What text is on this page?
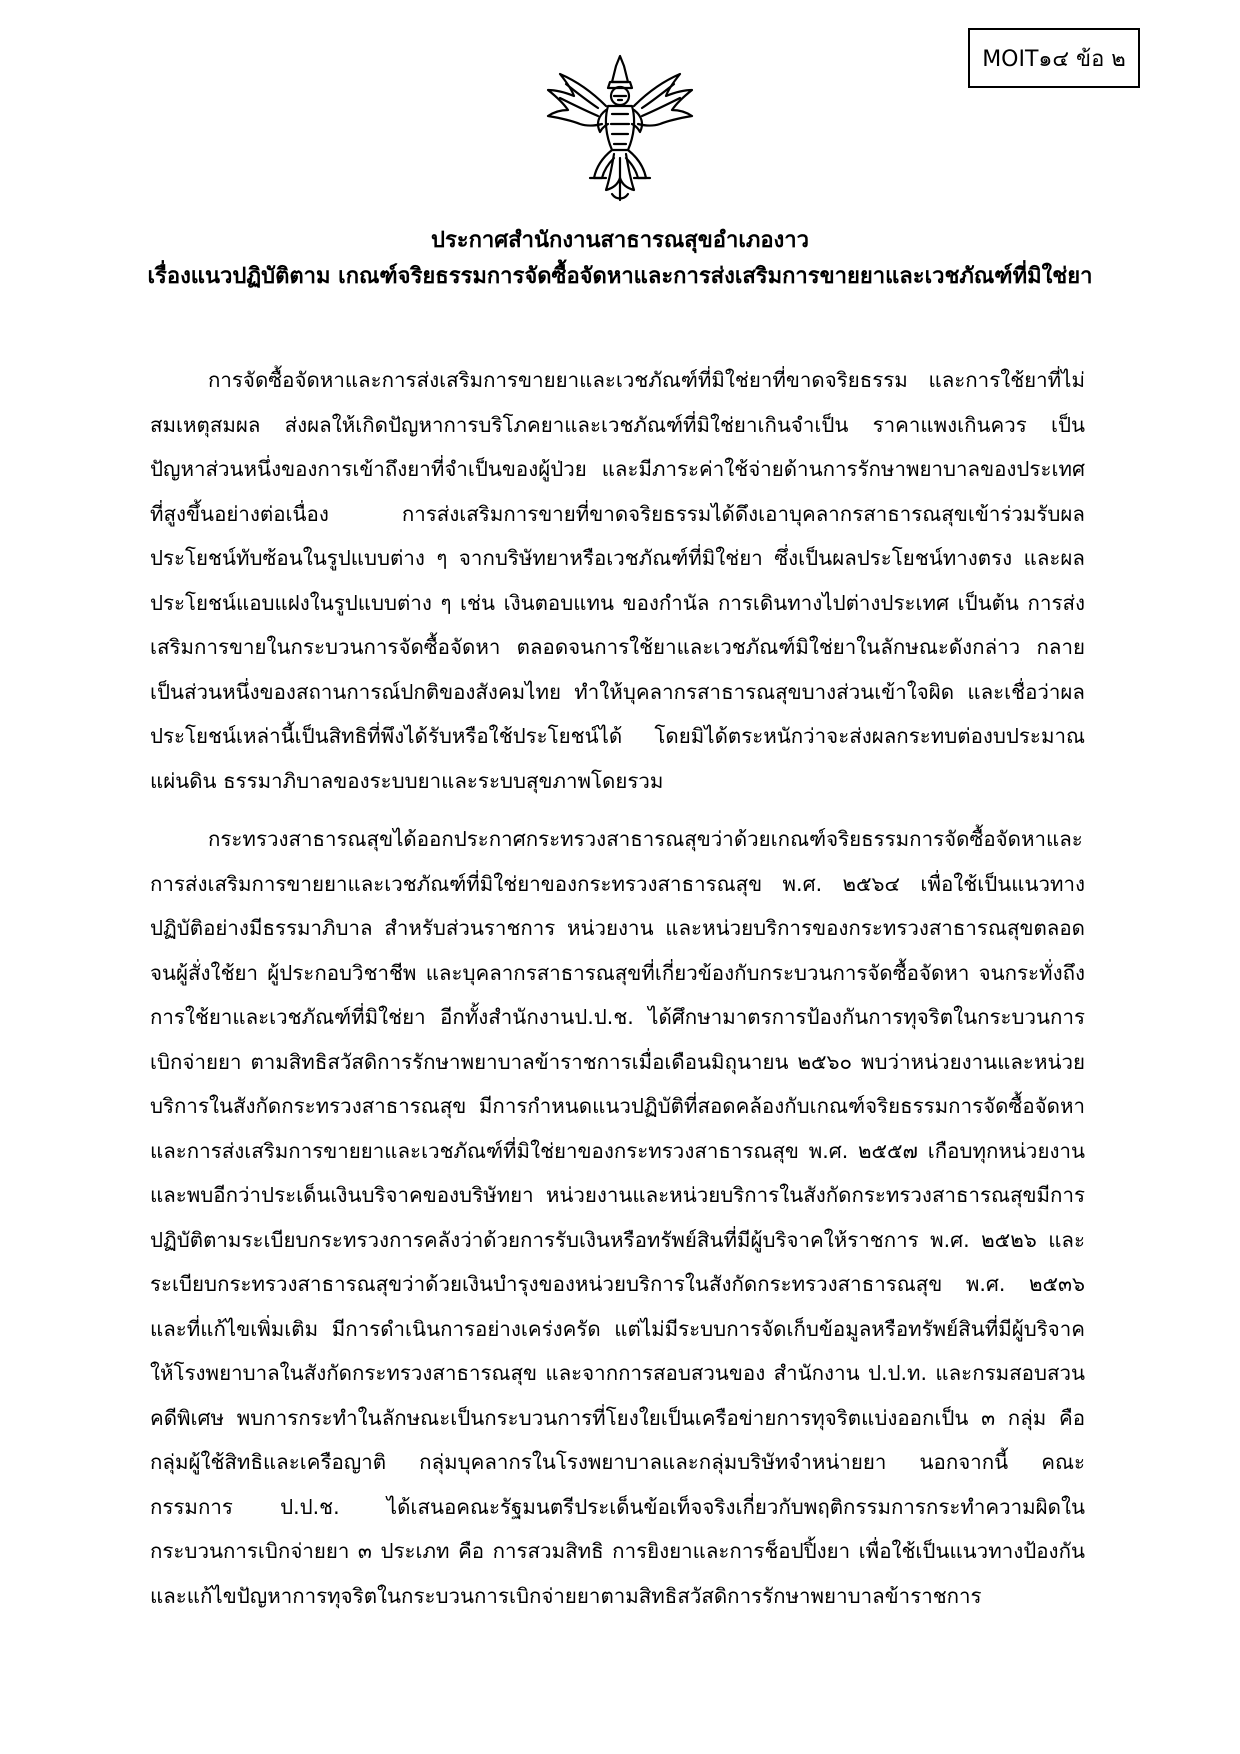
MOIT๑๔ ข้อ ๒
ประกาศสำนักงานสาธารณสุขอำเภองาว
เรื่องแนวปฏิบัติตาม เกณฑ์จริยธรรมการจัดซื้อจัดหาและการส่งเสริมการขายยาและเวชภัณฑ์ที่มิใช่ยา

การจัดซื้อจัดหาและการส่งเสริมการขายยาและเวชภัณฑ์ที่มิใช่ยาที่ขาดจริยธรรม และการใช้ยาที่ไม่สมเหตุสมผล ส่งผลให้เกิดปัญหาการบริโภคยาและเวชภัณฑ์ที่มิใช่ยาเกินจำเป็น ราคาแพงเกินควร เป็นปัญหาส่วนหนึ่งของการเข้าถึงยาที่จำเป็นของผู้ป่วย และมีภาระค่าใช้จ่ายด้านการรักษาพยาบาลของประเทศที่สูงขึ้นอย่างต่อเนื่อง การส่งเสริมการขายที่ขาดจริยธรรมได้ดึงเอาบุคลากรสาธารณสุขเข้าร่วมรับผลประโยชน์ทับซ้อนในรูปแบบต่าง ๆ จากบริษัทยาหรือเวชภัณฑ์ที่มิใช่ยา ซึ่งเป็นผลประโยชน์ทางตรง และผลประโยชน์แอบแฝงในรูปแบบต่าง ๆ เช่น เงินตอบแทน ของกำนัล การเดินทางไปต่างประเทศ เป็นต้น การส่งเสริมการขายในกระบวนการจัดซื้อจัดหา ตลอดจนการใช้ยาและเวชภัณฑ์มิใช่ยาในลักษณะดังกล่าว กลายเป็นส่วนหนึ่งของสถานการณ์ปกติของสังคมไทย ทำให้บุคลากรสาธารณสุขบางส่วนเข้าใจผิด และเชื่อว่าผลประโยชน์เหล่านี้เป็นสิทธิที่พึงได้รับหรือใช้ประโยชน์ได้ โดยมิได้ตระหนักว่าจะส่งผลกระทบต่องบประมาณแผ่นดิน ธรรมาภิบาลของระบบยาและระบบสุขภาพโดยรวม

กระทรวงสาธารณสุขได้ออกประกาศกระทรวงสาธารณสุขว่าด้วยเกณฑ์จริยธรรมการจัดซื้อจัดหาและการส่งเสริมการขายยาและเวชภัณฑ์ที่มิใช่ยาของกระทรวงสาธารณสุข พ.ศ. ๒๕๖๔ เพื่อใช้เป็นแนวทางปฏิบัติอย่างมีธรรมาภิบาล สำหรับส่วนราชการ หน่วยงาน และหน่วยบริการของกระทรวงสาธารณสุขตลอดจนผู้สั่งใช้ยา ผู้ประกอบวิชาชีพ และบุคลากรสาธารณสุขที่เกี่ยวข้องกับกระบวนการจัดซื้อจัดหา จนกระทั่งถึงการใช้ยาและเวชภัณฑ์ที่มิใช่ยา อีกทั้งสำนักงานป.ป.ช. ได้ศึกษามาตรการป้องกันการทุจริตในกระบวนการเบิกจ่ายยา ตามสิทธิสวัสดิการรักษาพยาบาลข้าราชการเมื่อเดือนมิถุนายน ๒๕๖๐ พบว่าหน่วยงานและหน่วยบริการในสังกัดกระทรวงสาธารณสุข มีการกำหนดแนวปฏิบัติที่สอดคล้องกับเกณฑ์จริยธรรมการจัดซื้อจัดหาและการส่งเสริมการขายยาและเวชภัณฑ์ที่มิใช่ยาของกระทรวงสาธารณสุข พ.ศ. ๒๕๕๗ เกือบทุกหน่วยงาน และพบอีกว่าประเด็นเงินบริจาคของบริษัทยา หน่วยงานและหน่วยบริการในสังกัดกระทรวงสาธารณสุขมีการปฏิบัติตามระเบียบกระทรวงการคลังว่าด้วยการรับเงินหรือทรัพย์สินที่มีผู้บริจาคให้ราชการ พ.ศ. ๒๕๒๖ และระเบียบกระทรวงสาธารณสุขว่าด้วยเงินบำรุงของหน่วยบริการในสังกัดกระทรวงสาธารณสุข พ.ศ. ๒๕๓๖ และที่แก้ไขเพิ่มเติม มีการดำเนินการอย่างเคร่งครัด แต่ไม่มีระบบการจัดเก็บข้อมูลหรือทรัพย์สินที่มีผู้บริจาคให้โรงพยาบาลในสังกัดกระทรวงสาธารณสุข และจากการสอบสวนของ สำนักงาน ป.ป.ท. และกรมสอบสวนคดีพิเศษ พบการกระทำในลักษณะเป็นกระบวนการที่โยงใยเป็นเครือข่ายการทุจริตแบ่งออกเป็น ๓ กลุ่ม คือ กลุ่มผู้ใช้สิทธิและเครือญาติ กลุ่มบุคลากรในโรงพยาบาลและกลุ่มบริษัทจำหน่ายยา นอกจากนี้ คณะกรรมการ ป.ป.ช. ได้เสนอคณะรัฐมนตรีประเด็นข้อเท็จจริงเกี่ยวกับพฤติกรรมการกระทำความผิดในกระบวนการเบิกจ่ายยา ๓ ประเภท คือ การสวมสิทธิ การยิงยาและการช็อปปิ้งยา เพื่อใช้เป็นแนวทางป้องกันและแก้ไขปัญหาการทุจริตในกระบวนการเบิกจ่ายยาตามสิทธิสวัสดิการรักษาพยาบาลข้าราชการ
